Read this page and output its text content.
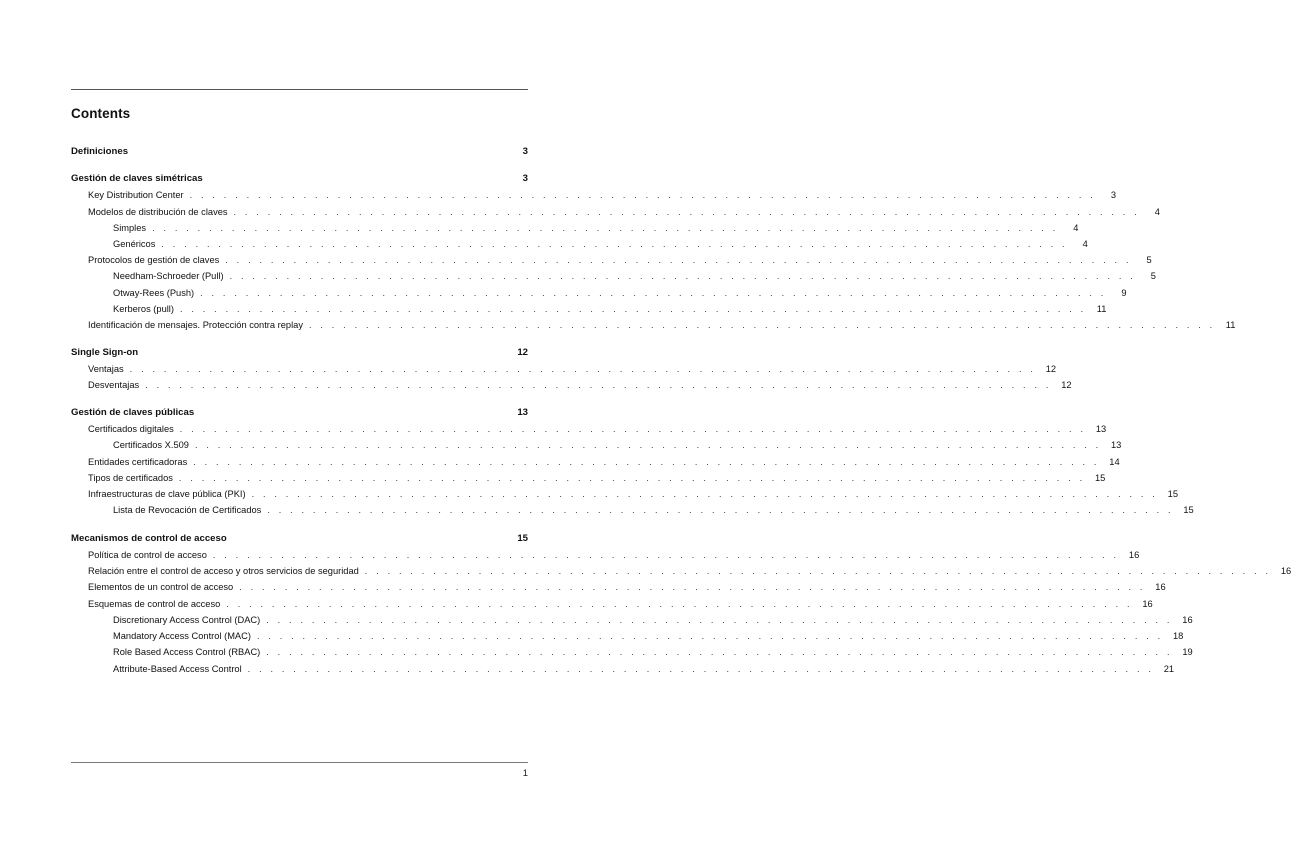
Contents
Definiciones	3
Gestión de claves simétricas	3
Key Distribution Center . . . . . . . . . . . . . . . . . . . . . . . . . . . . . . . . . . . . . . . . . . . . . . . . . . . . . . . . . . . . . . . . . . . . . . . . . . . . . . . .	3
Modelos de distribución de claves . . . . . . . . . . . . . . . . . . . . . . . . . . . . . . . . . . . . . . . . . . . . . . . . . . . . . . . . . . . . . . . . . . . . . . . . . . . . . . . .	4
Simples . . . . . . . . . . . . . . . . . . . . . . . . . . . . . . . . . . . . . . . . . . . . . . . . . . . . . . . . . . . . . . . . . . . . . . . . . . . . . . . .	4
Genéricos . . . . . . . . . . . . . . . . . . . . . . . . . . . . . . . . . . . . . . . . . . . . . . . . . . . . . . . . . . . . . . . . . . . . . . . . . . . . . . . .	4
Protocolos de gestión de claves . . . . . . . . . . . . . . . . . . . . . . . . . . . . . . . . . . . . . . . . . . . . . . . . . . . . . . . . . . . . . . . . . . . . . . . . . . . . . . . .	5
Needham-Schroeder (Pull) . . . . . . . . . . . . . . . . . . . . . . . . . . . . . . . . . . . . . . . . . . . . . . . . . . . . . . . . . . . . . . . . . . . . . . . . . . . . . . . .	5
Otway-Rees (Push) . . . . . . . . . . . . . . . . . . . . . . . . . . . . . . . . . . . . . . . . . . . . . . . . . . . . . . . . . . . . . . . . . . . . . . . . . . . . . . . .	9
Kerberos (pull) . . . . . . . . . . . . . . . . . . . . . . . . . . . . . . . . . . . . . . . . . . . . . . . . . . . . . . . . . . . . . . . . . . . . . . . . . . . . . . . .	11
Identificación de mensajes. Protección contra replay . . . . . . . . . . . . . . . . . . . . . . . . . . . . . . . . . . . . . . . . . . . . . . . . . . . . . . . . . . . . . . . . . . . . . . . . . . . . . . . .	11
Single Sign-on	12
Ventajas . . . . . . . . . . . . . . . . . . . . . . . . . . . . . . . . . . . . . . . . . . . . . . . . . . . . . . . . . . . . . . . . . . . . . . . . . . . . . . . .	12
Desventajas . . . . . . . . . . . . . . . . . . . . . . . . . . . . . . . . . . . . . . . . . . . . . . . . . . . . . . . . . . . . . . . . . . . . . . . . . . . . . . . .	12
Gestión de claves públicas	13
Certificados digitales . . . . . . . . . . . . . . . . . . . . . . . . . . . . . . . . . . . . . . . . . . . . . . . . . . . . . . . . . . . . . . . . . . . . . . . . . . . . . . . .	13
Certificados X.509 . . . . . . . . . . . . . . . . . . . . . . . . . . . . . . . . . . . . . . . . . . . . . . . . . . . . . . . . . . . . . . . . . . . . . . . . . . . . . . . .	13
Entidades certificadoras . . . . . . . . . . . . . . . . . . . . . . . . . . . . . . . . . . . . . . . . . . . . . . . . . . . . . . . . . . . . . . . . . . . . . . . . . . . . . . . .	14
Tipos de certificados . . . . . . . . . . . . . . . . . . . . . . . . . . . . . . . . . . . . . . . . . . . . . . . . . . . . . . . . . . . . . . . . . . . . . . . . . . . . . . . .	15
Infraestructuras de clave pública (PKI) . . . . . . . . . . . . . . . . . . . . . . . . . . . . . . . . . . . . . . . . . . . . . . . . . . . . . . . . . . . . . . . . . . . . . . . . . . . . . . . .	15
Lista de Revocación de Certificados . . . . . . . . . . . . . . . . . . . . . . . . . . . . . . . . . . . . . . . . . . . . . . . . . . . . . . . . . . . . . . . . . . . . . . . . . . . . . . . .	15
Mecanismos de control de acceso	15
Política de control de acceso . . . . . . . . . . . . . . . . . . . . . . . . . . . . . . . . . . . . . . . . . . . . . . . . . . . . . . . . . . . . . . . . . . . . . . . . . . . . . . . .	16
Relación entre el control de acceso y otros servicios de seguridad . . . . . . . . . . . . . . . . . . . . . . . . . . . . . . . . . . . . . . . . . . . . . . . . . . . . . . . . . . . . . . . . . . . . . . . . . . . . . . . .	16
Elementos de un control de acceso . . . . . . . . . . . . . . . . . . . . . . . . . . . . . . . . . . . . . . . . . . . . . . . . . . . . . . . . . . . . . . . . . . . . . . . . . . . . . . . .	16
Esquemas de control de acceso . . . . . . . . . . . . . . . . . . . . . . . . . . . . . . . . . . . . . . . . . . . . . . . . . . . . . . . . . . . . . . . . . . . . . . . . . . . . . . . .	16
Discretionary Access Control (DAC) . . . . . . . . . . . . . . . . . . . . . . . . . . . . . . . . . . . . . . . . . . . . . . . . . . . . . . . . . . . . . . . . . . . . . . . . . . . . . . . .	16
Mandatory Access Control (MAC) . . . . . . . . . . . . . . . . . . . . . . . . . . . . . . . . . . . . . . . . . . . . . . . . . . . . . . . . . . . . . . . . . . . . . . . . . . . . . . . .	18
Role Based Access Control (RBAC) . . . . . . . . . . . . . . . . . . . . . . . . . . . . . . . . . . . . . . . . . . . . . . . . . . . . . . . . . . . . . . . . . . . . . . . . . . . . . . . .	19
Attribute-Based Access Control . . . . . . . . . . . . . . . . . . . . . . . . . . . . . . . . . . . . . . . . . . . . . . . . . . . . . . . . . . . . . . . . . . . . . . . . . . . . . . . .	21
1
